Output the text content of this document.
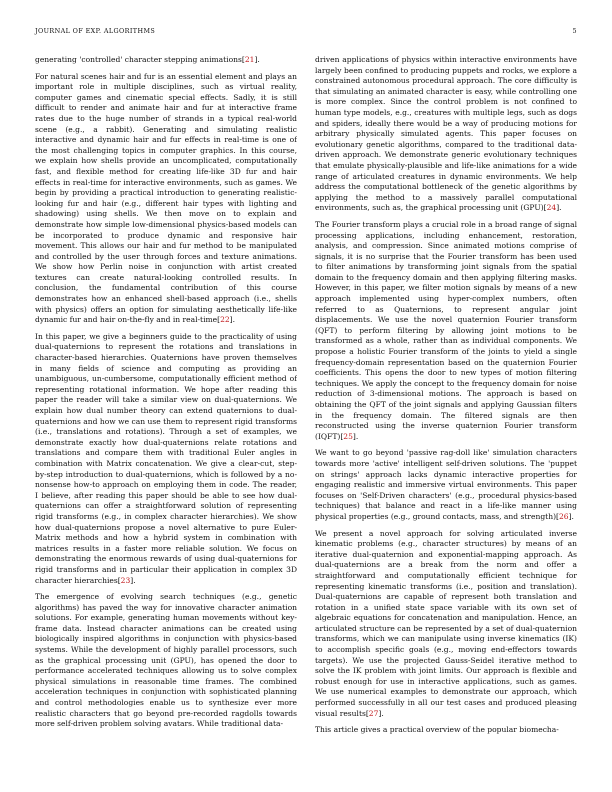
JOURNAL OF EXP. ALGORITHMS	5

generating 'controlled' character stepping animations[21].

For natural scenes hair and fur is an essential element and plays an important role in multiple disciplines, such as virtual reality, computer games and cinematic special effects. Sadly, it is still difficult to render and animate hair and fur at interactive frame rates due to the huge number of strands in a typical real-world scene (e.g., a rabbit). Generating and simulating realistic interactive and dynamic hair and fur effects in real-time is one of the most challenging topics in computer graphics. In this course, we explain how shells provide an uncomplicated, computationally fast, and flexible method for creating life-like 3D fur and hair effects in real-time for interactive environments, such as games. We begin by providing a practical introduction to generating realistic-looking fur and hair (e.g., different hair types with lighting and shadowing) using shells. We then move on to explain and demonstrate how simple low-dimensional physics-based models can be incorporated to produce dynamic and responsive hair movement. This allows our hair and fur method to be manipulated and controlled by the user through forces and texture animations. We show how Perlin noise in conjunction with artist created textures can create natural-looking controlled results. In conclusion, the fundamental contribution of this course demonstrates how an enhanced shell-based approach (i.e., shells with physics) offers an option for simulating aesthetically life-like dynamic fur and hair on-the-fly and in real-time[22].

In this paper, we give a beginners guide to the practicality of using dual-quaternions to represent the rotations and translations in character-based hierarchies. Quaternions have proven themselves in many fields of science and computing as providing an unambiguous, un-cumbersome, computationally efficient method of representing rotational information. We hope after reading this paper the reader will take a similar view on dual-quaternions. We explain how dual number theory can extend quaternions to dual-quaternions and how we can use them to represent rigid transforms (i.e., translations and rotations). Through a set of examples, we demonstrate exactly how dual-quaternions relate rotations and translations and compare them with traditional Euler angles in combination with Matrix concatenation. We give a clear-cut, step-by-step introduction to dual-quaternions, which is followed by a no-nonsense how-to approach on employing them in code. The reader, I believe, after reading this paper should be able to see how dual-quaternions can offer a straightforward solution of representing rigid transforms (e.g., in complex character hierarchies). We show how dual-quaternions propose a novel alternative to pure Euler-Matrix methods and how a hybrid system in combination with matrices results in a faster more reliable solution. We focus on demonstrating the enormous rewards of using dual-quaternions for rigid transforms and in particular their application in complex 3D character hierarchies[23].

The emergence of evolving search techniques (e.g., genetic algorithms) has paved the way for innovative character animation solutions. For example, generating human movements without key-frame data. Instead character animations can be created using biologically inspired algorithms in conjunction with physics-based systems. While the development of highly parallel processors, such as the graphical processing unit (GPU), has opened the door to performance accelerated techniques allowing us to solve complex physical simulations in reasonable time frames. The combined acceleration techniques in conjunction with sophisticated planning and control methodologies enable us to synthesize ever more realistic characters that go beyond pre-recorded ragdolls towards more self-driven problem solving avatars. While traditional data-

driven applications of physics within interactive environments have largely been confined to producing puppets and rocks, we explore a constrained autonomous procedural approach. The core difficulty is that simulating an animated character is easy, while controlling one is more complex. Since the control problem is not confined to human type models, e.g., creatures with multiple legs, such as dogs and spiders, ideally there would be a way of producing motions for arbitrary physically simulated agents. This paper focuses on evolutionary genetic algorithms, compared to the traditional data-driven approach. We demonstrate generic evolutionary techniques that emulate physically-plausible and life-like animations for a wide range of articulated creatures in dynamic environments. We help address the computational bottleneck of the genetic algorithms by applying the method to a massively parallel computational environments, such as, the graphical processing unit (GPU)[24].

The Fourier transform plays a crucial role in a broad range of signal processing applications, including enhancement, restoration, analysis, and compression. Since animated motions comprise of signals, it is no surprise that the Fourier transform has been used to filter animations by transforming joint signals from the spatial domain to the frequency domain and then applying filtering masks. However, in this paper, we filter motion signals by means of a new approach implemented using hyper-complex numbers, often referred to as Quaternions, to represent angular joint displacements. We use the novel quaternion Fourier transform (QFT) to perform filtering by allowing joint motions to be transformed as a whole, rather than as individual components. We propose a holistic Fourier transform of the joints to yield a single frequency-domain representation based on the quaternion Fourier coefficients. This opens the door to new types of motion filtering techniques. We apply the concept to the frequency domain for noise reduction of 3-dimensional motions. The approach is based on obtaining the QFT of the joint signals and applying Gaussian filters in the frequency domain. The filtered signals are then reconstructed using the inverse quaternion Fourier transform (IQFT)[25].

We want to go beyond 'passive rag-doll like' simulation characters towards more 'active' intelligent self-driven solutions. The 'puppet on strings' approach lacks dynamic interactive properties for engaging realistic and immersive virtual environments. This paper focuses on 'Self-Driven characters' (e.g., procedural physics-based techniques) that balance and react in a life-like manner using physical properties (e.g., ground contacts, mass, and strength)[26].

We present a novel approach for solving articulated inverse kinematic problems (e.g., character structures) by means of an iterative dual-quaternion and exponential-mapping approach. As dual-quaternions are a break from the norm and offer a straightforward and computationally efficient technique for representing kinematic transforms (i.e., position and translation). Dual-quaternions are capable of represent both translation and rotation in a unified state space variable with its own set of algebraic equations for concatenation and manipulation. Hence, an articulated structure can be represented by a set of dual-quaternion transforms, which we can manipulate using inverse kinematics (IK) to accomplish specific goals (e.g., moving end-effectors towards targets). We use the projected Gauss-Seidel iterative method to solve the IK problem with joint limits. Our approach is flexible and robust enough for use in interactive applications, such as games. We use numerical examples to demonstrate our approach, which performed successfully in all our test cases and produced pleasing visual results[27].

This article gives a practical overview of the popular biomecha-
